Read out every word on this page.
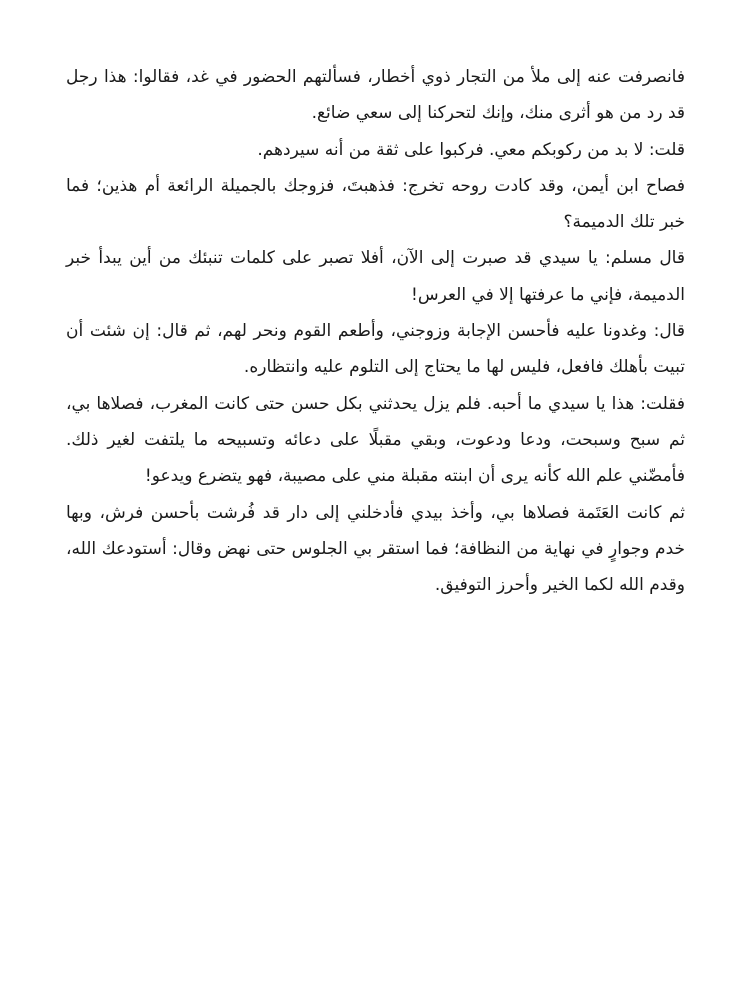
فانصرفت عنه إلى ملأ من التجار ذوي أخطار، فسألتهم الحضور في غد، فقالوا: هذا رجل قد رد من هو أثرى منك، وإنك لتحركنا إلى سعي ضائع.

قلت: لا بد من ركوبكم معي. فركبوا على ثقة من أنه سيردهم.

فصاح ابن أيمن، وقد كادت روحه تخرج: فذهبتَ، فزوجك بالجميلة الرائعة أم هذين؛ فما خبر تلك الدميمة؟

قال مسلم: يا سيدي قد صبرت إلى الآن، أفلا تصبر على كلمات تنبئك من أين يبدأ خبر الدميمة، فإني ما عرفتها إلا في العرس!

قال: وغدونا عليه فأحسن الإجابة وزوجني، وأطعم القوم ونحر لهم، ثم قال: إن شئت أن تبيت بأهلك فافعل، فليس لها ما يحتاج إلى التلوم عليه وانتظاره.

فقلت: هذا يا سيدي ما أحبه. فلم يزل يحدثني بكل حسن حتى كانت المغرب، فصلاها بي، ثم سبح وسبحت، ودعا ودعوت، وبقي مقبلًا على دعائه وتسبيحه ما يلتفت لغير ذلك. فأمضّني علم الله كأنه يرى أن ابنته مقبلة مني على مصيبة، فهو يتضرع ويدعو!

ثم كانت العَتَمة فصلاها بي، وأخذ بيدي فأدخلني إلى دار قد فُرشت بأحسن فرش، وبها خدم وجوارٍ في نهاية من النظافة؛ فما استقر بي الجلوس حتى نهض وقال: أستودعك الله، وقدم الله لكما الخير وأحرز التوفيق.
